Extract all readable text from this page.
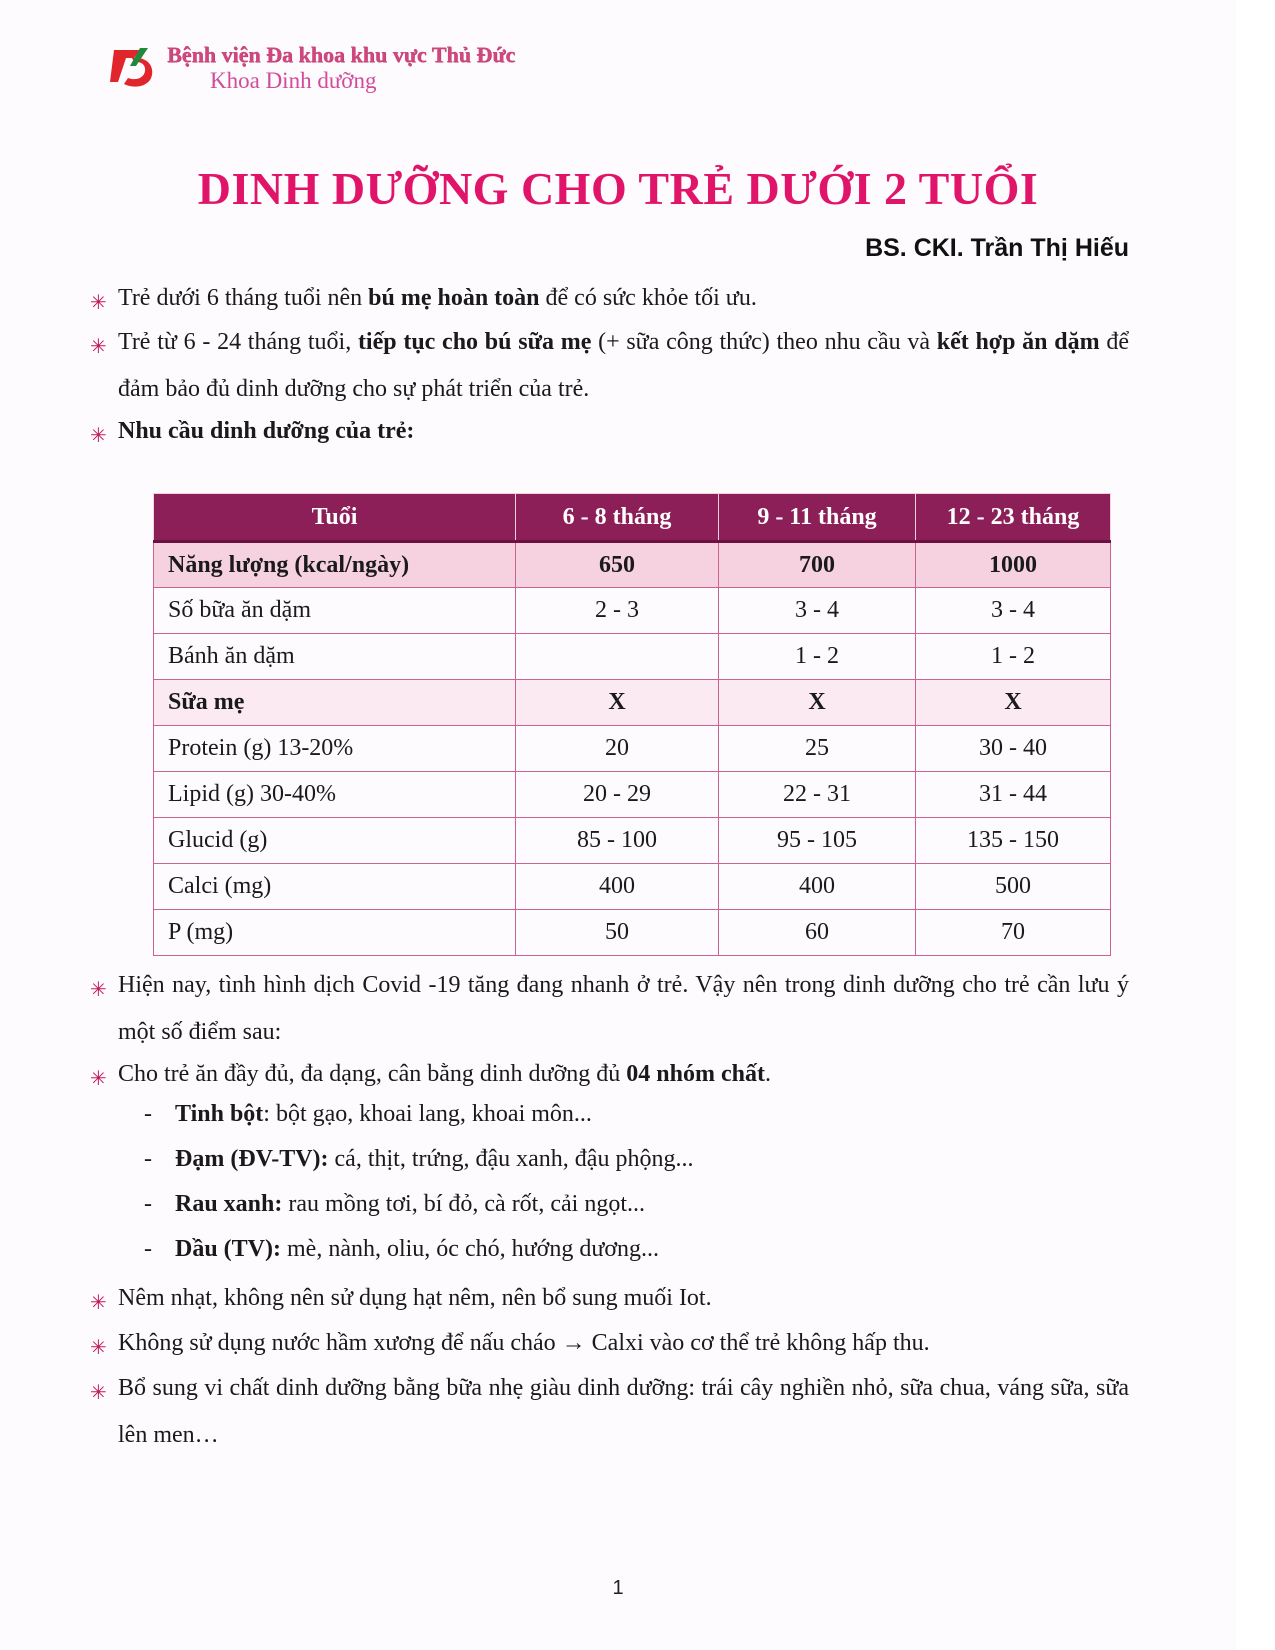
Bệnh viện Đa khoa khu vực Thủ Đức
Khoa Dinh dưỡng
DINH DƯỠNG CHO TRẺ DƯỚI 2 TUỔI
BS. CKI. Trần Thị Hiếu
✳ Trẻ dưới 6 tháng tuổi nên bú mẹ hoàn toàn để có sức khỏe tối ưu.
✳ Trẻ từ 6 - 24 tháng tuổi, tiếp tục cho bú sữa mẹ (+ sữa công thức) theo nhu cầu và kết hợp ăn dặm để đảm bảo đủ dinh dưỡng cho sự phát triển của trẻ.
✳ Nhu cầu dinh dưỡng của trẻ:
Tuổi	6 - 8 tháng	9 - 11 tháng	12 - 23 tháng
Năng lượng (kcal/ngày)	650	700	1000
Số bữa ăn dặm	2 - 3	3 - 4	3 - 4
Bánh ăn dặm		1 - 2	1 - 2
Sữa mẹ	X	X	X
Protein (g) 13-20%	20	25	30 - 40
Lipid (g) 30-40%	20 - 29	22 - 31	31 - 44
Glucid (g)	85 - 100	95 - 105	135 - 150
Calci (mg)	400	400	500
P (mg)	50	60	70
✳ Hiện nay, tình hình dịch Covid -19 tăng đang nhanh ở trẻ. Vậy nên trong dinh dưỡng cho trẻ cần lưu ý một số điểm sau:
✳ Cho trẻ ăn đầy đủ, đa dạng, cân bằng dinh dưỡng đủ 04 nhóm chất.
- Tinh bột: bột gạo, khoai lang, khoai môn...
- Đạm (ĐV-TV): cá, thịt, trứng, đậu xanh, đậu phộng...
- Rau xanh: rau mồng tơi, bí đỏ, cà rốt, cải ngọt...
- Dầu (TV): mè, nành, oliu, óc chó, hướng dương...
✳ Nêm nhạt, không nên sử dụng hạt nêm, nên bổ sung muối Iot.
✳ Không sử dụng nước hầm xương để nấu cháo → Calxi vào cơ thể trẻ không hấp thu.
✳ Bổ sung vi chất dinh dưỡng bằng bữa nhẹ giàu dinh dưỡng: trái cây nghiền nhỏ, sữa chua, váng sữa, sữa lên men…
1
